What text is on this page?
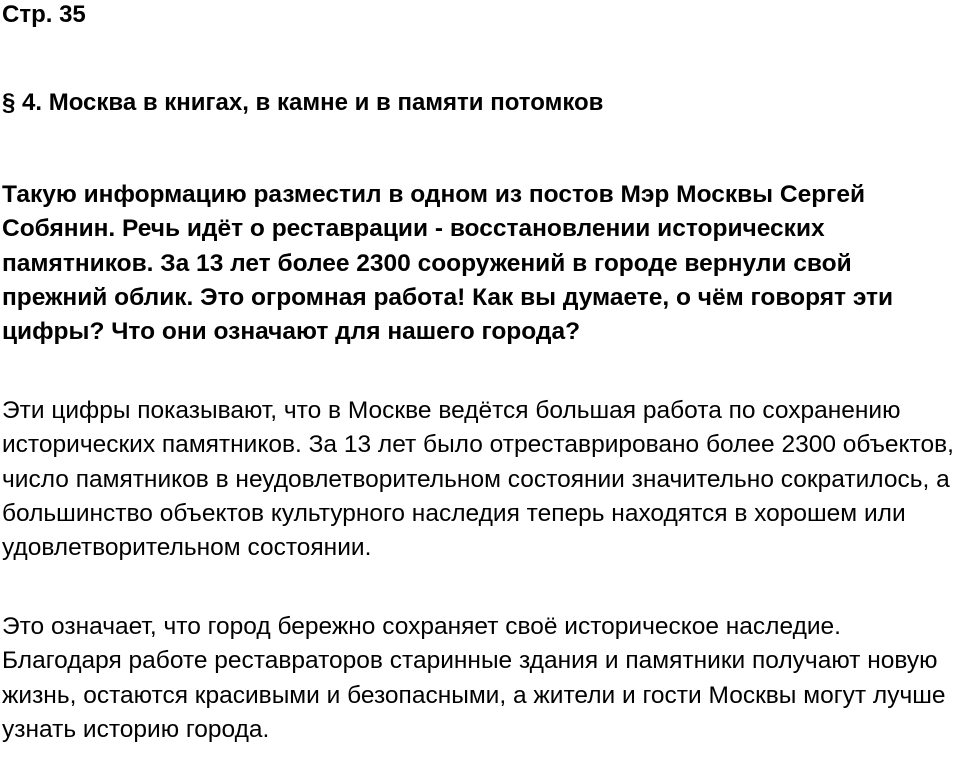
Стр. 35
§ 4. Москва в книгах, в камне и в памяти потомков

Такую информацию разместил в одном из постов Мэр Москвы Сергей Собянин. Речь идёт о реставрации - восстановлении исторических памятников. За 13 лет более 2300 сооружений в городе вернули свой прежний облик. Это огромная работа! Как вы думаете, о чём говорят эти цифры? Что они означают для нашего города?

Эти цифры показывают, что в Москве ведётся большая работа по сохранению исторических памятников. За 13 лет было отреставрировано более 2300 объектов, число памятников в неудовлетворительном состоянии значительно сократилось, а большинство объектов культурного наследия теперь находятся в хорошем или удовлетворительном состоянии.

Это означает, что город бережно сохраняет своё историческое наследие. Благодаря работе реставраторов старинные здания и памятники получают новую жизнь, остаются красивыми и безопасными, а жители и гости Москвы могут лучше узнать историю города.
